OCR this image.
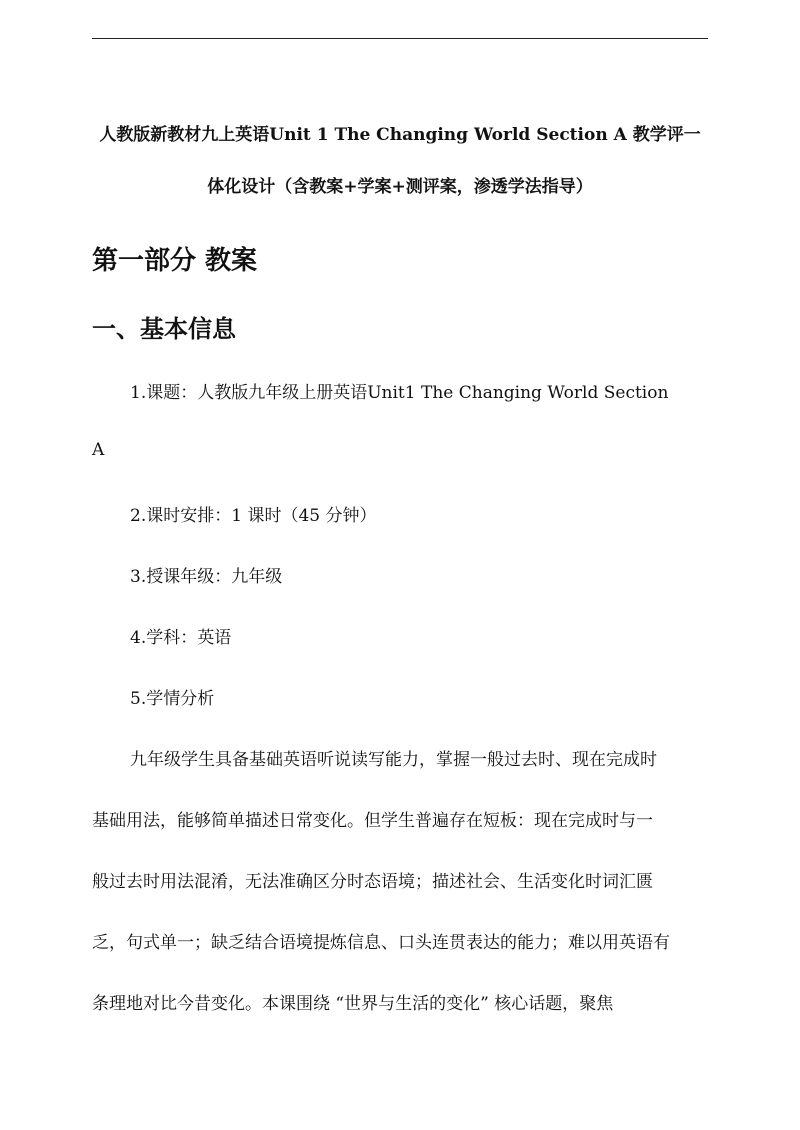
人教版新教材九上英语Unit 1 The Changing World Section A 教学评一
体化设计（含教案+学案+测评案，渗透学法指导）
第一部分 教案
一、基本信息
1.课题：人教版九年级上册英语Unit1 The Changing World Section
A
2.课时安排：1 课时（45 分钟）
3.授课年级：九年级
4.学科：英语
5.学情分析
九年级学生具备基础英语听说读写能力，掌握一般过去时、现在完成时
基础用法，能够简单描述日常变化。但学生普遍存在短板：现在完成时与一
般过去时用法混淆，无法准确区分时态语境；描述社会、生活变化时词汇匮
乏，句式单一；缺乏结合语境提炼信息、口头连贯表达的能力；难以用英语有
条理地对比今昔变化。本课围绕 “世界与生活的变化” 核心话题，聚焦
